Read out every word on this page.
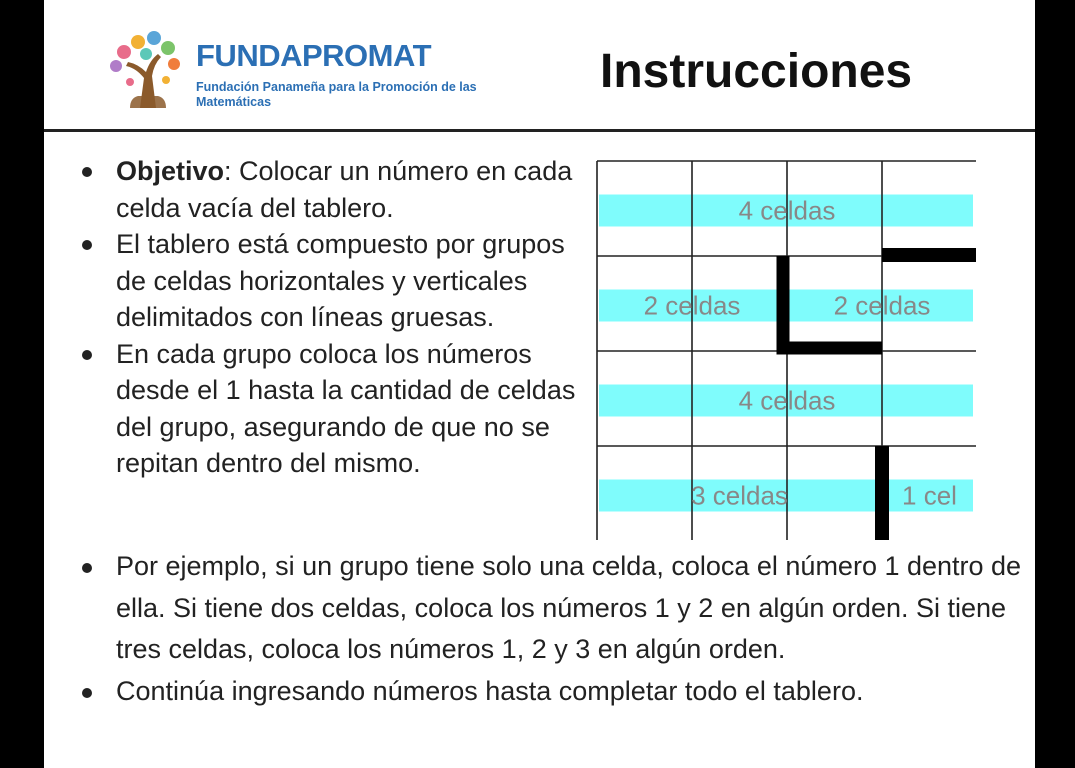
FUNDAPROMAT
Fundación Panameña para la Promoción de las Matemáticas
Instrucciones
Objetivo: Colocar un número en cada celda vacía del tablero.
El tablero está compuesto por grupos de celdas horizontales y verticales delimitados con líneas gruesas.
En cada grupo coloca los números desde el 1 hasta la cantidad de celdas del grupo, asegurando de que no se repitan dentro del mismo.
Por ejemplo, si un grupo tiene solo una celda, coloca el número 1 dentro de ella. Si tiene dos celdas, coloca los números 1 y 2 en algún orden. Si tiene tres celdas, coloca los números 1, 2 y 3 en algún orden.
Continúa ingresando números hasta completar todo el tablero.
4 celdas
2 celdas	2 celdas
4 celdas
3 celdas	1 cel
